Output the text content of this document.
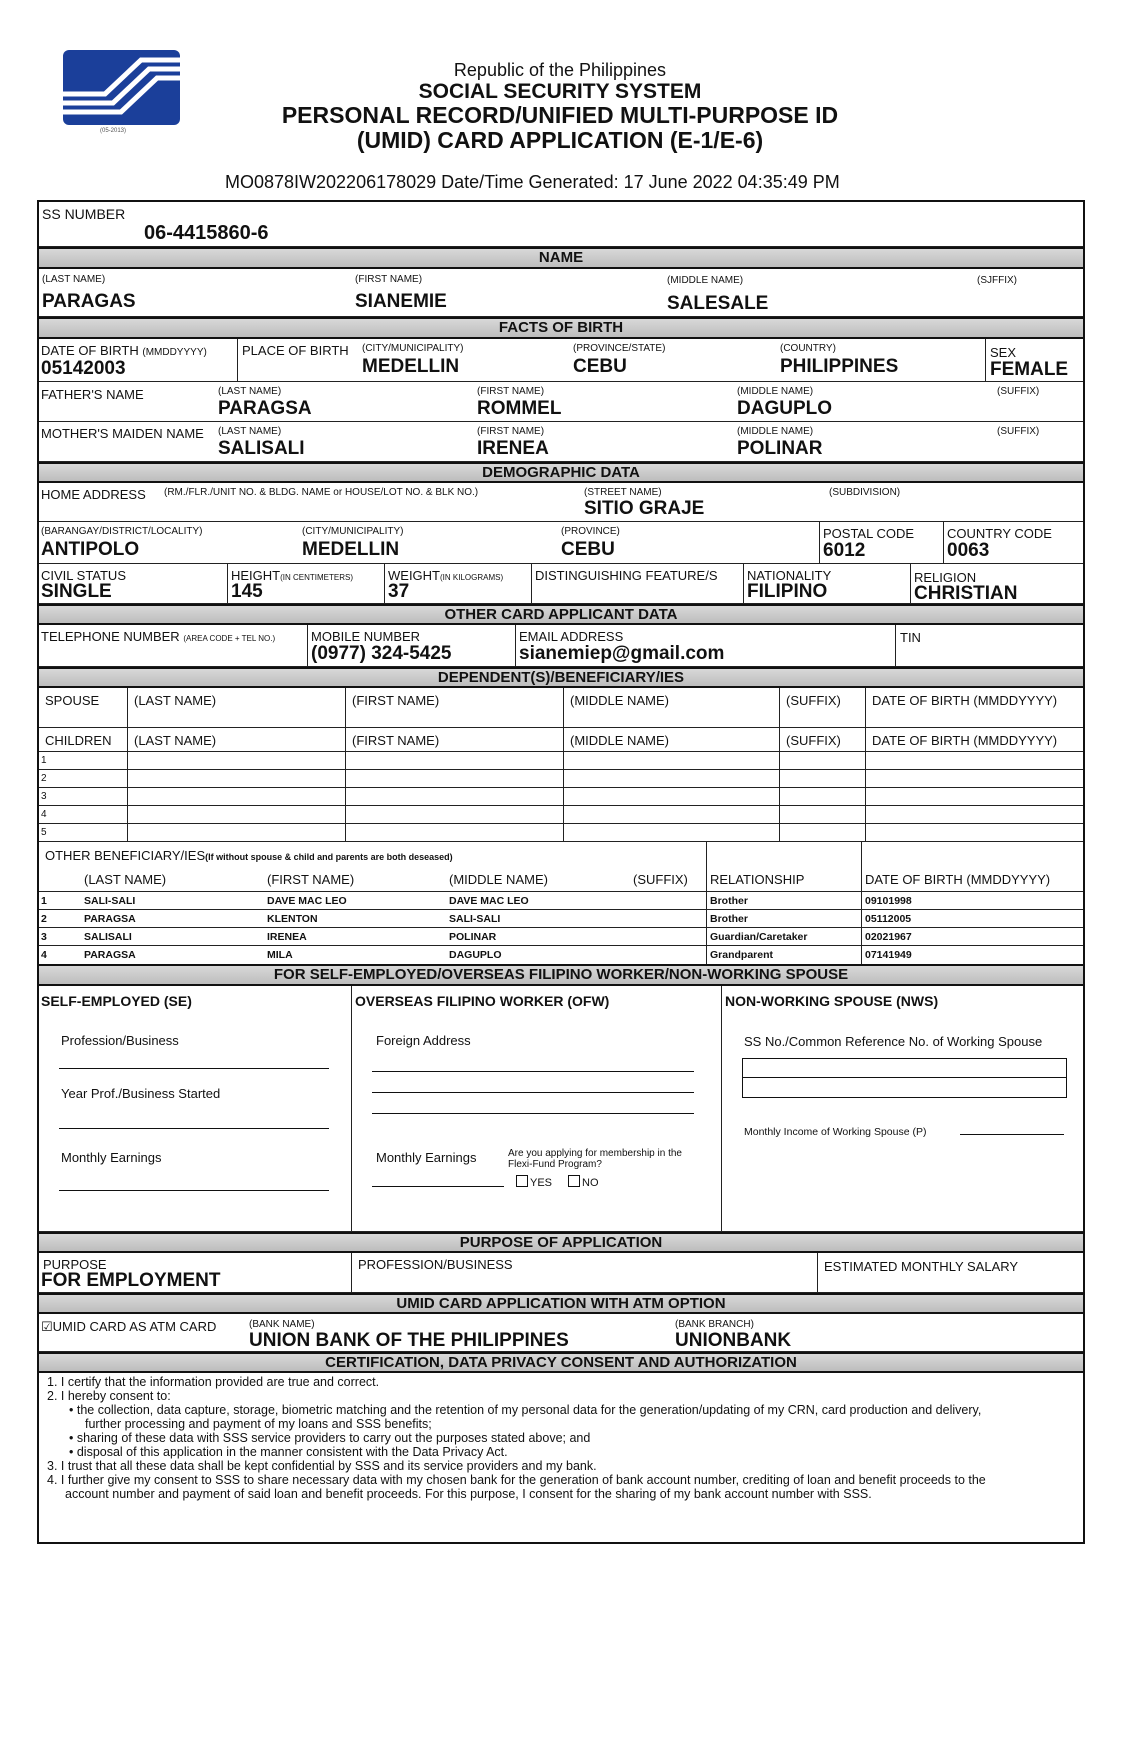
(05-2013)
Republic of the Philippines
SOCIAL SECURITY SYSTEM
PERSONAL RECORD/UNIFIED MULTI-PURPOSE ID
(UMID) CARD APPLICATION (E-1/E-6)
MO0878IW202206178029 Date/Time Generated: 17 June 2022 04:35:49 PM
SS NUMBER
06-4415860-6
NAME
(LAST NAME)
PARAGAS
(FIRST NAME)
SIANEMIE
(MIDDLE NAME)
SALESALE
(SJFFIX)
FACTS OF BIRTH
DATE OF BIRTH (MMDDYYYY)
05142003
PLACE OF BIRTH (CITY/MUNICIPALITY)
MEDELLIN
(PROVINCE/STATE)
CEBU
(COUNTRY)
PHILIPPINES
SEX
FEMALE
FATHER'S NAME	(LAST NAME)
PARAGSA
(FIRST NAME)
ROMMEL
(MIDDLE NAME)
DAGUPLO
(SUFFIX)
MOTHER'S MAIDEN NAME (LAST NAME)
SALISALI
(FIRST NAME)
IRENEA
(MIDDLE NAME)
POLINAR
(SUFFIX)
DEMOGRAPHIC DATA
HOME ADDRESS (RM./FLR./UNIT NO. & BLDG. NAME or HOUSE/LOT NO. & BLK NO.)	(STREET NAME)
SITIO GRAJE
(SUBDIVISION)
(BARANGAY/DISTRICT/LOCALITY)
ANTIPOLO
(CITY/MUNICIPALITY)
MEDELLIN
(PROVINCE)
CEBU
POSTAL CODE
6012
COUNTRY CODE
0063
CIVIL STATUS
SINGLE
HEIGHT(IN CENTIMETERS)
145
WEIGHT(IN KILOGRAMS)
37
DISTINGUISHING FEATURE/S NATIONALITY
FILIPINO
RELIGION
CHRISTIAN
OTHER CARD APPLICANT DATA
TELEPHONE NUMBER (AREA CODE + TEL NO.)	MOBILE NUMBER
(0977) 324-5425
EMAIL ADDRESS
sianemiep@gmail.com
TIN
DEPENDENT(S)/BENEFICIARY/IES
SPOUSE	(LAST NAME)	(FIRST NAME)	(MIDDLE NAME)	(SUFFIX) DATE OF BIRTH (MMDDYYYY)
CHILDREN (LAST NAME)	(FIRST NAME)	(MIDDLE NAME)	(SUFFIX) DATE OF BIRTH (MMDDYYYY)
1
2
3
4
5
OTHER BENEFICIARY/IES(If without spouse & child and parents are both deseased)
(LAST NAME)	(FIRST NAME)	(MIDDLE NAME)	(SUFFIX) RELATIONSHIP	DATE OF BIRTH (MMDDYYYY)
1	SALI-SALI	DAVE MAC LEO	DAVE MAC LEO	Brother	09101998
2	PARAGSA	KLENTON	SALI-SALI	Brother	05112005
3	SALISALI	IRENEA	POLINAR	Guardian/Caretaker	02021967
4	PARAGSA	MILA	DAGUPLO	Grandparent	07141949
FOR SELF-EMPLOYED/OVERSEAS FILIPINO WORKER/NON-WORKING SPOUSE
SELF-EMPLOYED (SE)
Profession/Business
Year Prof./Business Started
Monthly Earnings
OVERSEAS FILIPINO WORKER (OFW)
Foreign Address
Monthly Earnings	Are you applying for membership in the Flexi-Fund Program?
YES	NO
NON-WORKING SPOUSE (NWS)
SS No./Common Reference No. of Working Spouse
Monthly Income of Working Spouse (P)
PURPOSE OF APPLICATION
PURPOSE
FOR EMPLOYMENT
PROFESSION/BUSINESS	ESTIMATED MONTHLY SALARY
UMID CARD APPLICATION WITH ATM OPTION
☑UMID CARD AS ATM CARD	(BANK NAME)
UNION BANK OF THE PHILIPPINES
(BANK BRANCH)
UNIONBANK
CERTIFICATION, DATA PRIVACY CONSENT AND AUTHORIZATION
1. I certify that the information provided are true and correct.
2. I hereby consent to:
• the collection, data capture, storage, biometric matching and the retention of my personal data for the generation/updating of my CRN, card production and delivery,
further processing and payment of my loans and SSS benefits;
• sharing of these data with SSS service providers to carry out the purposes stated above; and
• disposal of this application in the manner consistent with the Data Privacy Act.
3. I trust that all these data shall be kept confidential by SSS and its service providers and my bank.
4. I further give my consent to SSS to share necessary data with my chosen bank for the generation of bank account number, crediting of loan and benefit proceeds to the
account number and payment of said loan and benefit proceeds. For this purpose, I consent for the sharing of my bank account number with SSS.
